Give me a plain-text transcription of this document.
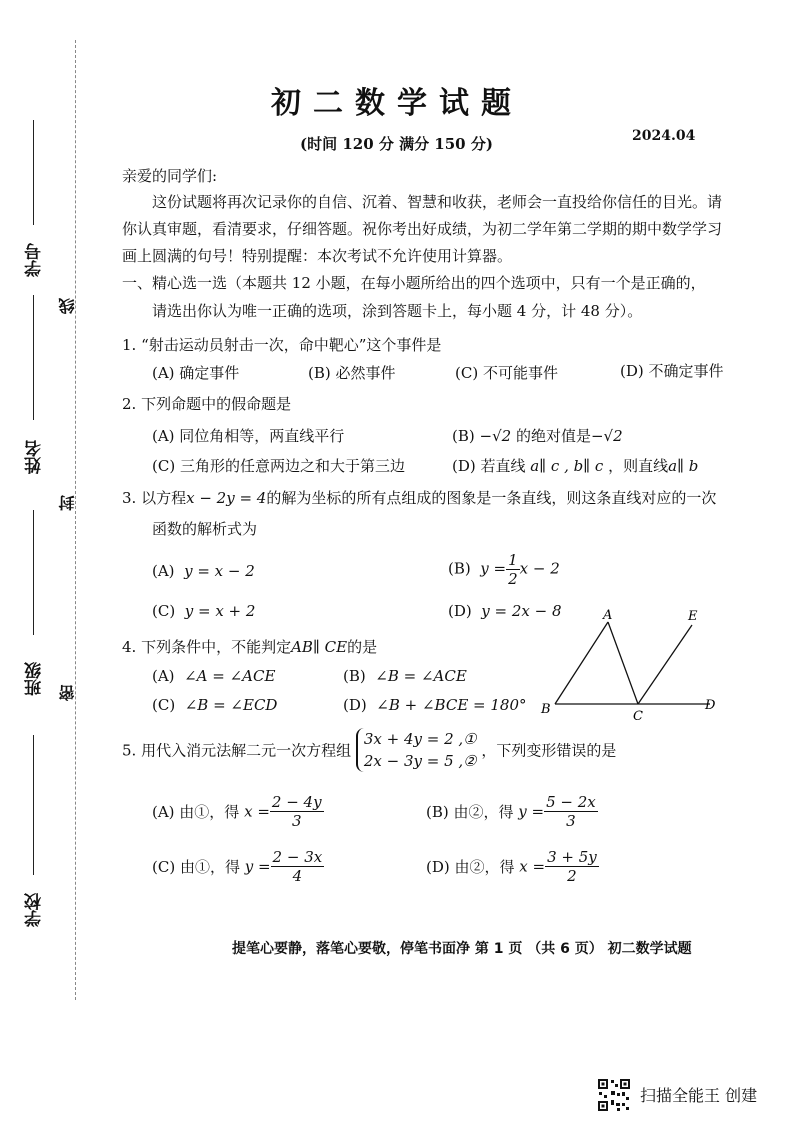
学号
姓名
班级
学校
线
封
密
初二数学试题
(时间 120 分 满分 150 分)	2024.04
亲爱的同学们:
这份试题将再次记录你的自信、沉着、智慧和收获，老师会一直投给你信任的目光。请你认真审题，看清要求，仔细答题。祝你考出好成绩，为初二学年第二学期的期中数学学习画上圆满的句号！特别提醒：本次考试不允许使用计算器。
一、精心选一选（本题共 12 小题，在每小题所给出的四个选项中，只有一个是正确的，
请选出你认为唯一正确的选项，涂到答题卡上，每小题 4 分，计 48 分）。
1. “射击运动员射击一次，命中靶心”这个事件是
(A) 确定事件	(B) 必然事件	(C) 不可能事件	(D) 不确定事件
2. 下列命题中的假命题是
(A) 同位角相等，两直线平行	(B) −√2 的绝对值是−√2
(C) 三角形的任意两边之和大于第三边	(D) 若直线 a∥ c , b∥ c ，则直线a∥ b
3. 以方程x − 2y = 4的解为坐标的所有点组成的图象是一条直线，则这条直线对应的一次
函数的解析式为
(A) y = x − 2	(B) $y = \frac{1}{2}$ x − 2
(C) y = x + 2	(D) y = 2x − 8
4. 下列条件中，不能判定AB∥ CE的是
(A) ∠A = ∠ACE	(B) ∠B = ∠ACE
(C) ∠B = ∠ECD	(D) ∠B + ∠BCE = 180°
A
B	C
D
E
5. 用代入消元法解二元一次方程组
3x + 4y = 2 ,①
2x − 3y = 5 ,②
，下列变形错误的是
(A) 由①，得 $x = \frac{2 - 4y}{3}$	(B) 由②，得 $y = \frac{5 - 2x}{3}$
(C) 由①，得 $y = \frac{2 - 3x}{4}$	(D) 由②，得 $x = \frac{3 + 5y}{2}$
提笔心要静，落笔心要敬，停笔书面净 第 1 页 （共 6 页） 初二数学试题
扫描全能王 创建
